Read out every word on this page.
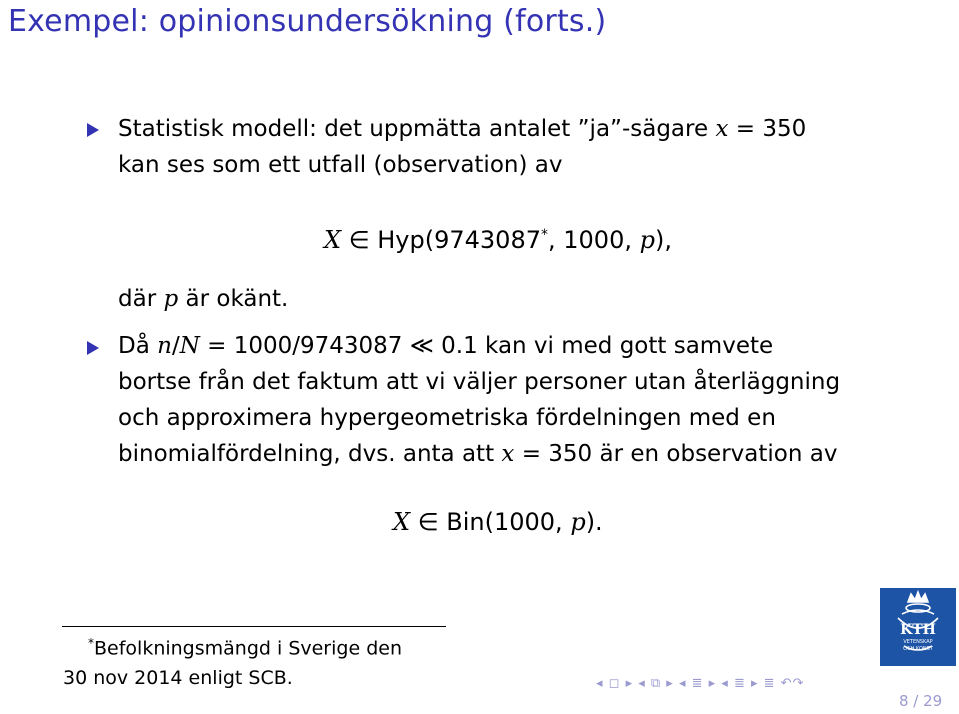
Exempel: opinionsundersökning (forts.)
Statistisk modell: det uppmätta antalet ”ja”-sägare x = 350
kan ses som ett utfall (observation) av
X ∈ Hyp(9743087*, 1000, p),
där p är okänt.
Då n/N = 1000/9743087 ≪ 0.1 kan vi med gott samvete
bortse från det faktum att vi väljer personer utan återläggning
och approximera hypergeometriska fördelningen med en
binomialfördelning, dvs. anta att x = 350 är en observation av
X ∈ Bin(1000, p).
*Befolkningsmängd i Sverige den
30 nov 2014 enligt SCB.	◂ ◻ ▸ ◂ ⧉ ▸ ◂ ≣ ▸ ◂ ≣ ▸ ≣ ↶↷
8 / 29
KTH
VETENSKAP
OCH KONST
